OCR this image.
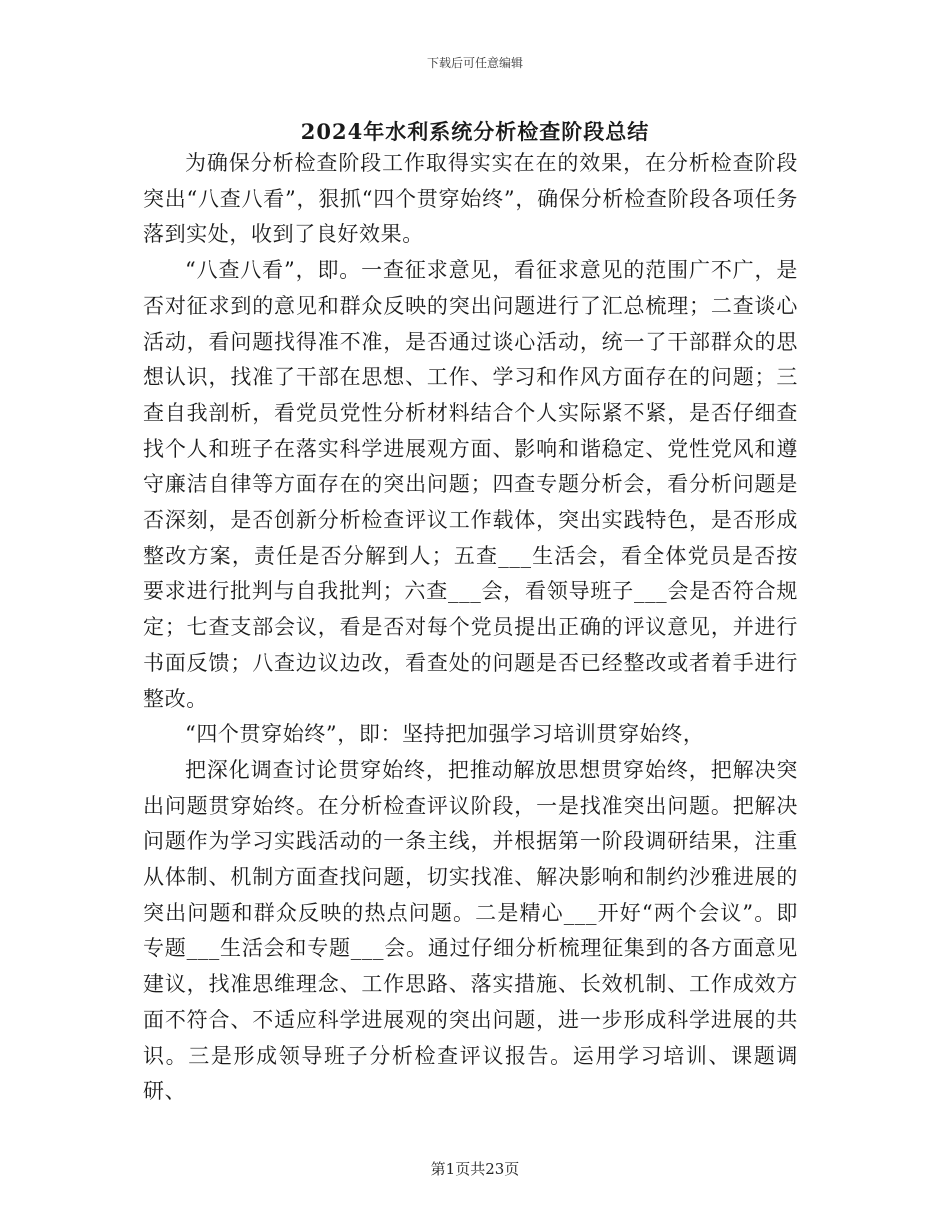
下载后可任意编辑
2024年水利系统分析检查阶段总结

为确保分析检查阶段工作取得实实在在的效果，在分析检查阶段突出“八查八看”，狠抓“四个贯穿始终”，确保分析检查阶段各项任务落到实处，收到了良好效果。

“八查八看”，即。一查征求意见，看征求意见的范围广不广，是否对征求到的意见和群众反映的突出问题进行了汇总梳理；二查谈心活动，看问题找得准不准，是否通过谈心活动，统一了干部群众的思想认识，找准了干部在思想、工作、学习和作风方面存在的问题；三查自我剖析，看党员党性分析材料结合个人实际紧不紧，是否仔细查找个人和班子在落实科学进展观方面、影响和谐稳定、党性党风和遵守廉洁自律等方面存在的突出问题；四查专题分析会，看分析问题是否深刻，是否创新分析检查评议工作载体，突出实践特色，是否形成整改方案，责任是否分解到人；五查___生活会，看全体党员是否按要求进行批判与自我批判；六查___会，看领导班子___会是否符合规定；七查支部会议，看是否对每个党员提出正确的评议意见，并进行书面反馈；八查边议边改，看查处的问题是否已经整改或者着手进行整改。

“四个贯穿始终”，即：坚持把加强学习培训贯穿始终，

把深化调查讨论贯穿始终，把推动解放思想贯穿始终，把解决突出问题贯穿始终。在分析检查评议阶段，一是找准突出问题。把解决问题作为学习实践活动的一条主线，并根据第一阶段调研结果，注重从体制、机制方面查找问题，切实找准、解决影响和制约沙雅进展的突出问题和群众反映的热点问题。二是精心___开好“两个会议”。即专题___生活会和专题___会。通过仔细分析梳理征集到的各方面意见建议，找准思维理念、工作思路、落实措施、长效机制、工作成效方面不符合、不适应科学进展观的突出问题，进一步形成科学进展的共识。三是形成领导班子分析检查评议报告。运用学习培训、课题调研、

第1页共23页
